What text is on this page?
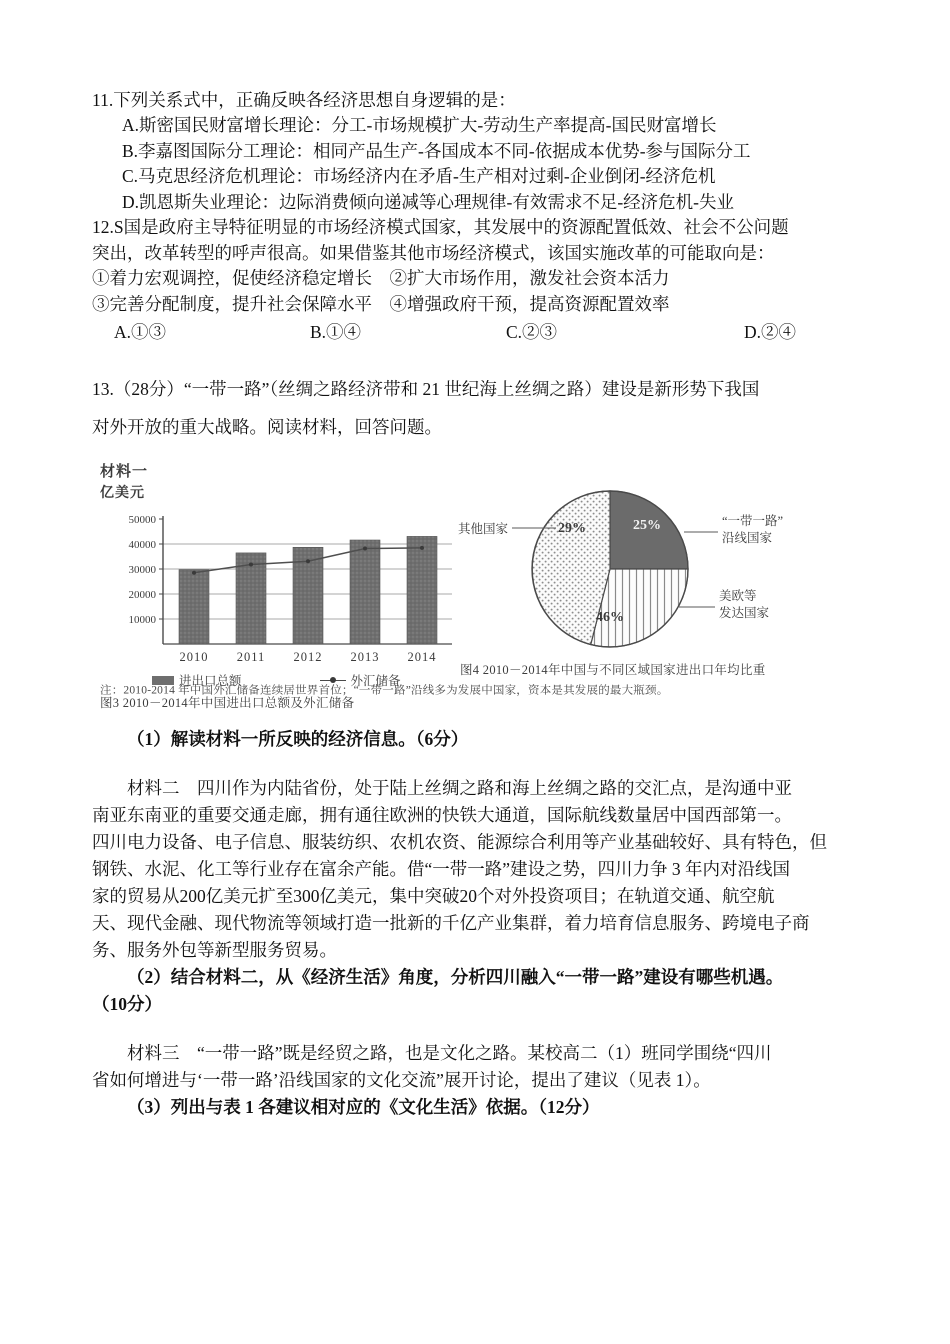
11.下列关系式中，正确反映各经济思想自身逻辑的是：
A.斯密国民财富增长理论：分工-市场规模扩大-劳动生产率提高-国民财富增长
B.李嘉图国际分工理论：相同产品生产-各国成本不同-依据成本优势-参与国际分工
C.马克思经济危机理论：市场经济内在矛盾-生产相对过剩-企业倒闭-经济危机
D.凯恩斯失业理论：边际消费倾向递减等心理规律-有效需求不足-经济危机-失业
12.S国是政府主导特征明显的市场经济模式国家，其发展中的资源配置低效、社会不公问题
突出，改革转型的呼声很高。如果借鉴其他市场经济模式，该国实施改革的可能取向是：
①着力宏观调控，促使经济稳定增长　②扩大市场作用，激发社会资本活力
③完善分配制度，提升社会保障水平　④增强政府干预，提高资源配置效率
A.①③	B.①④	C.②③	D.②④
13.（28分）“一带一路”（丝绸之路经济带和 21 世纪海上丝绸之路）建设是新形势下我国
对外开放的重大战略。阅读材料，回答问题。
材料一
亿美元
50000
40000
30000
20000
10000
2010 2011 2012 2013 2014
进出口总额	外汇储备
图3 2010－2014年中国进出口总额及外汇储备
25%
46%
29%
其他国家
“一带一路”
沿线国家
美欧等
发达国家
图4 2010－2014年中国与不同区域国家进出口年均比重
注：2010-2014 年中国外汇储备连续居世界首位；“一带一路”沿线多为发展中国家，资本是其发展的最大瓶颈。
（1）解读材料一所反映的经济信息。（6分）
材料二　四川作为内陆省份，处于陆上丝绸之路和海上丝绸之路的交汇点，是沟通中亚
南亚东南亚的重要交通走廊，拥有通往欧洲的快铁大通道，国际航线数量居中国西部第一。
四川电力设备、电子信息、服装纺织、农机农资、能源综合利用等产业基础较好、具有特色，但
钢铁、水泥、化工等行业存在富余产能。借“一带一路”建设之势，四川力争 3 年内对沿线国
家的贸易从200亿美元扩至300亿美元，集中突破20个对外投资项目；在轨道交通、航空航
天、现代金融、现代物流等领域打造一批新的千亿产业集群，着力培育信息服务、跨境电子商
务、服务外包等新型服务贸易。
（2）结合材料二，从《经济生活》角度，分析四川融入“一带一路”建设有哪些机遇。
（10分）
材料三　“一带一路”既是经贸之路，也是文化之路。某校高二（1）班同学围绕“四川
省如何增进与‘一带一路’沿线国家的文化交流”展开讨论，提出了建议（见表 1）。
（3）列出与表 1 各建议相对应的《文化生活》依据。（12分）
